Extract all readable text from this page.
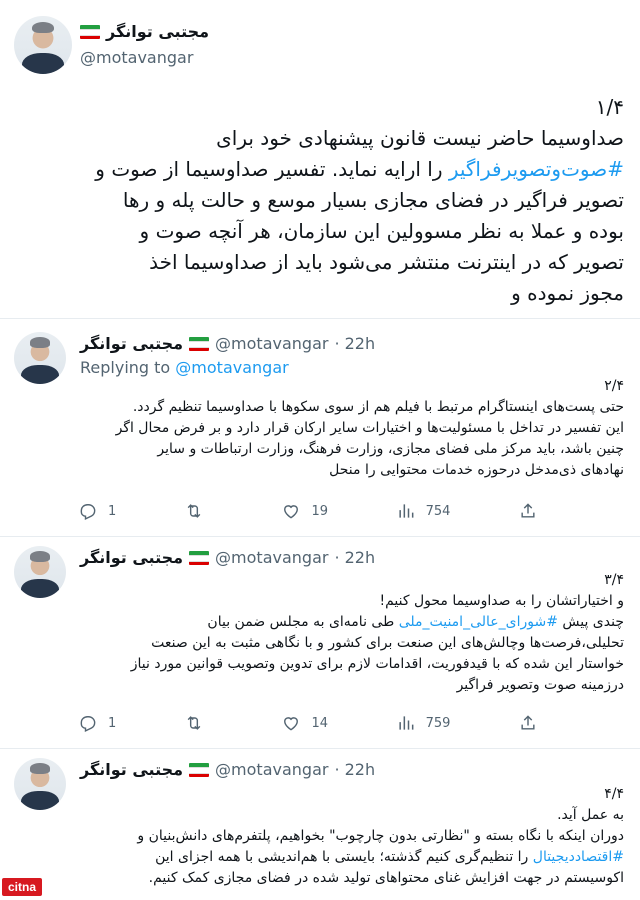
مجتبی توانگر
@motavangar
۱/۴
صداوسیما حاضر نیست قانون پیشنهادی خود برای
#صوت‌وتصویرفراگیر را ارایه نماید. تفسیر صداوسیما از صوت و
تصویر فراگیر در فضای مجازی بسیار موسع و حالت پله و رها
بوده و عملا به نظر مسوولین این سازمان، هر آنچه صوت و
تصویر که در اینترنت منتشر می‌شود باید از صداوسیما اخذ
مجوز نموده و
مجتبی توانگر @motavangar · 22h
Replying to @motavangar
۲/۴
حتی پست‌های اینستاگرام مرتبط با فیلم هم از سوی سکوها با صداوسیما تنظیم گردد.
این تفسیر در تداخل با مسئولیت‌ها و اختیارات سایر ارکان قرار دارد و بر فرض محال اگر
چنین باشد، باید مرکز ملی فضای مجازی، وزارت فرهنگ، وزارت ارتباطات و سایر
نهادهای ذی‌مدخل درحوزه خدمات محتوایی را منحل
1	19	754
مجتبی توانگر @motavangar · 22h
۳/۴
و اختیاراتشان را به صداوسیما محول کنیم!
چندی پیش #شورای_عالی_امنیت_ملی طی نامه‌ای به مجلس ضمن بیان
تحلیلی،فرصت‌ها وچالش‌های این صنعت برای کشور و با نگاهی مثبت به این صنعت
خواستار این شده که با قیدفوریت، اقدامات لازم برای تدوین وتصویب قوانین مورد نیاز
درزمینه صوت وتصویر فراگیر
1	14	759
مجتبی توانگر @motavangar · 22h
۴/۴
به عمل آید.
دوران اینکه با نگاه بسته و "نظارتی بدون چارچوب" بخواهیم، پلتفرم‌های دانش‌بنیان و
#اقتصاددیجیتال را تنظیم‌گری کنیم گذشته؛ بایستی با هم‌اندیشی با همه اجزای این
اکوسیستم در جهت افزایش غنای محتواهای تولید شده در فضای مجازی کمک کنیم.
citna
